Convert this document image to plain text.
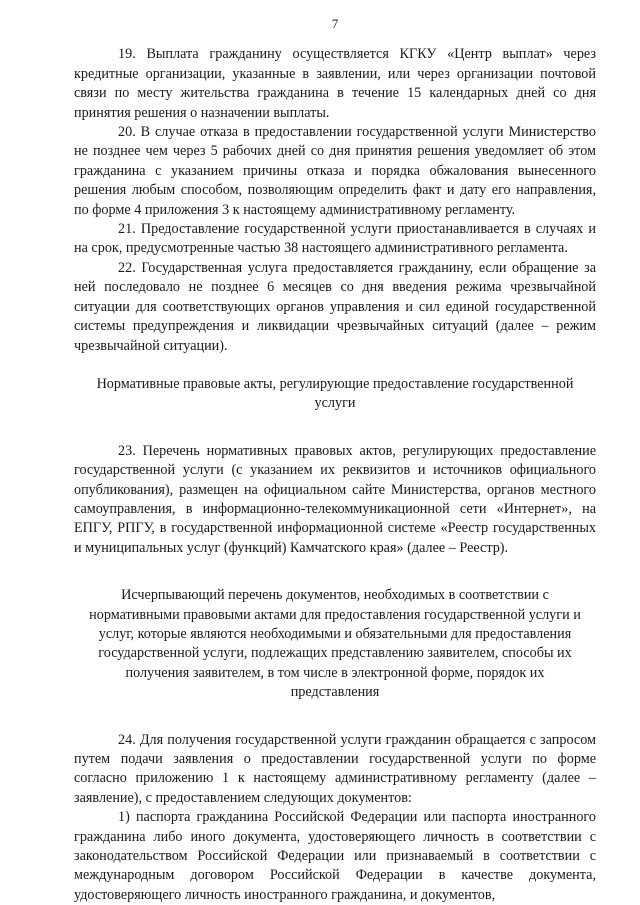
7

19. Выплата гражданину осуществляется КГКУ «Центр выплат» через кредитные организации, указанные в заявлении, или через организации почтовой связи по месту жительства гражданина в течение 15 календарных дней со дня принятия решения о назначении выплаты.

20. В случае отказа в предоставлении государственной услуги Министерство не позднее чем через 5 рабочих дней со дня принятия решения уведомляет об этом гражданина с указанием причины отказа и порядка обжалования вынесенного решения любым способом, позволяющим определить факт и дату его направления, по форме 4 приложения 3 к настоящему административному регламенту.

21. Предоставление государственной услуги приостанавливается в случаях и на срок, предусмотренные частью 38 настоящего административного регламента.

22. Государственная услуга предоставляется гражданину, если обращение за ней последовало не позднее 6 месяцев со дня введения режима чрезвычайной ситуации для соответствующих органов управления и сил единой государственной системы предупреждения и ликвидации чрезвычайных ситуаций (далее – режим чрезвычайной ситуации).

Нормативные правовые акты, регулирующие предоставление государственной услуги

23. Перечень нормативных правовых актов, регулирующих предоставление государственной услуги (с указанием их реквизитов и источников официального опубликования), размещен на официальном сайте Министерства, органов местного самоуправления, в информационно-телекоммуникационной сети «Интернет», на ЕПГУ, РПГУ, в государственной информационной системе «Реестр государственных и муниципальных услуг (функций) Камчатского края» (далее – Реестр).

Исчерпывающий перечень документов, необходимых в соответствии с нормативными правовыми актами для предоставления государственной услуги и услуг, которые являются необходимыми и обязательными для предоставления государственной услуги, подлежащих представлению заявителем, способы их получения заявителем, в том числе в электронной форме, порядок их представления

24. Для получения государственной услуги гражданин обращается с запросом путем подачи заявления о предоставлении государственной услуги по форме согласно приложению 1 к настоящему административному регламенту (далее – заявление), с предоставлением следующих документов:

1) паспорта гражданина Российской Федерации или паспорта иностранного гражданина либо иного документа, удостоверяющего личность в соответствии с законодательством Российской Федерации или признаваемый в соответствии с международным договором Российской Федерации в качестве документа, удостоверяющего личность иностранного гражданина, и документов,
